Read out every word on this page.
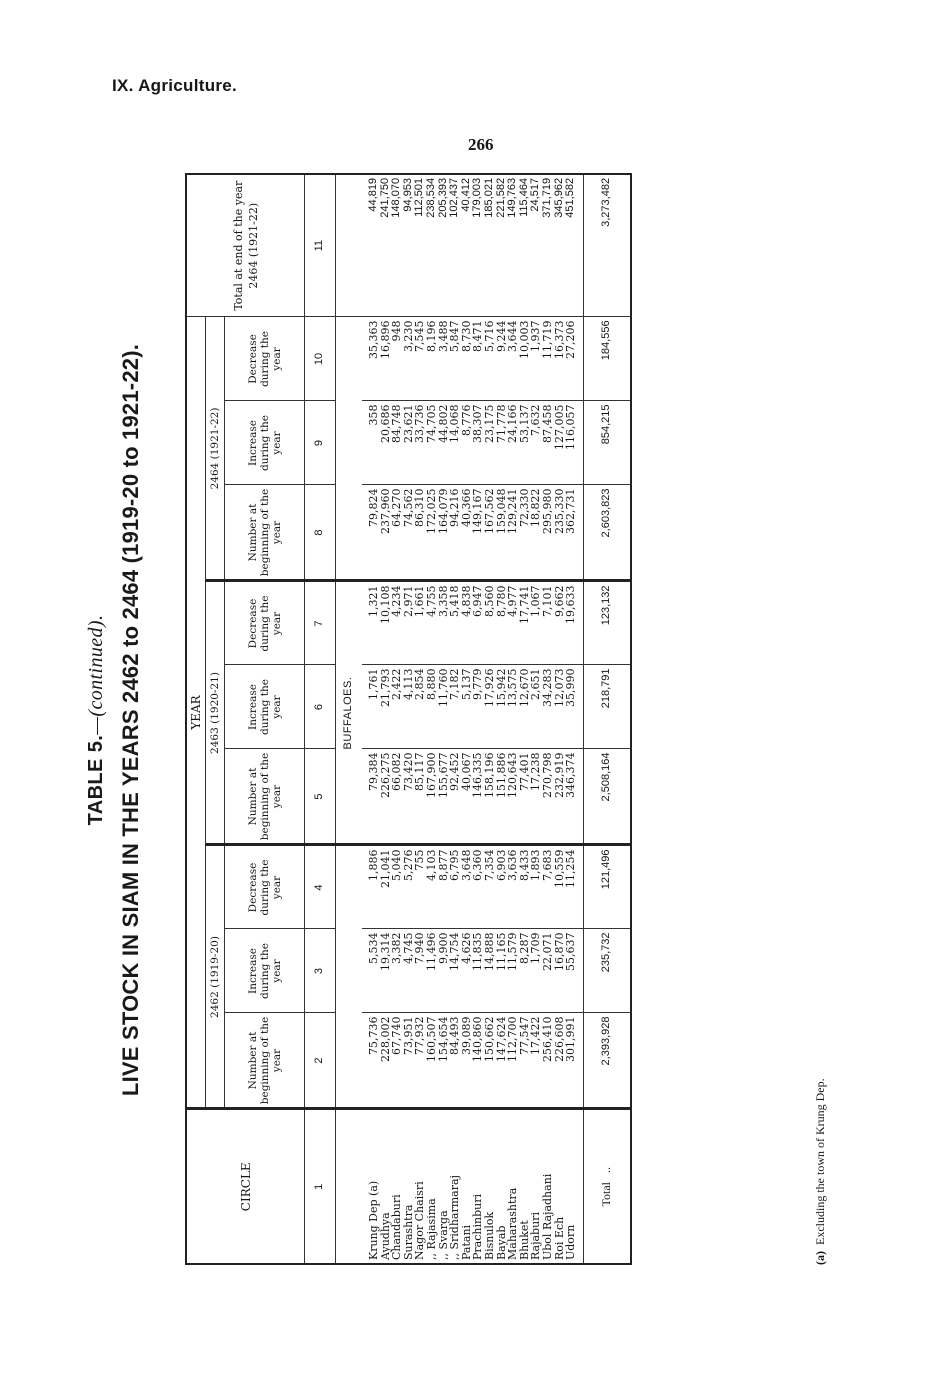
IX. Agriculture.
266
TABLE 5.—(continued). LIVE STOCK IN SIAM IN THE YEARS 2462 to 2464 (1919-20 to 1921-22).
CIRCLE	YEAR									Total at end of the year 2464 (1921-22)
	2462 (1919-20)			2463 (1920-21)			2464 (1921-22)			
	Number at beginning of the year	Increase during the year	Decrease during the year	Number at beginning of the year	Increase during the year	Decrease during the year	Number at beginning of the year	Increase during the year	Decrease during the year	
1	2	3	4	5	6	7	8	9	10	11
				BUFFALOES.						

Krung Dep (a)	75,736	5,534	1,886	79,384	1,761	1,321	79,824	358	35,363	44,819
Ayudhya	228,002	19,314	21,041	226,275	21,793	10,108	237,960	20,686	16,896	241,750
Chandaburi	67,740	3,382	5,040	66,082	2,422	4,234	64,270	84,748	948	148,070
Surashtra	73,951	4,745	5,276	73,420	4,113	2,971	74,562	23,621	3,230	94,953
Nagor Chaisri	77,932	7,940	755	85,117	2,854	1,661	86,310	33,736	7,545	112,501
,, Rajasima	160,507	11,496	4,103	167,900	8,880	4,755	172,025	74,705	8,196	238,534
,, Svarga	154,654	9,900	8,877	155,677	11,760	3,358	164,079	44,802	3,488	205,393
,, Sridharmaraj	84,493	14,754	6,795	92,452	7,182	5,418	94,216	14,068	5,847	102,437
Patani	39,089	4,626	3,648	40,067	5,137	4,838	40,366	8,776	8,730	40,412
Prachinburi	140,860	11,835	6,360	146,335	9,779	6,947	149,167	38,307	8,471	179,003
Bisnulok	150,662	14,888	7,354	158,196	17,926	8,560	167,562	23,175	5,716	185,021
Bayab	147,624	11,165	6,903	151,886	15,942	8,780	159,048	71,778	9,244	221,582
Maharashtra	112,700	11,579	3,636	120,643	13,575	4,977	129,241	24,166	3,644	149,763
Bhuket	77,547	8,287	8,433	77,401	12,670	17,741	72,330	53,137	10,003	115,464
Rajaburi	17,422	1,709	1,893	17,238	2,651	1,067	18,822	7,632	1,937	24,517
Ubol Rajadhani	256,410	22,071	7,683	270,798	34,283	7,101	295,980	87,458	11,719	371,719
Roi Ech	226,608	16,870	10,559	232,919	12,073	9,662	235,330	127,005	16,373	345,962
Udorn	301,991	55,637	11,254	346,374	35,990	19,633	362,731	116,057	27,206	451,582

Total   ..	2,393,928	235,732	121,496	2,508,164	218,791	123,132	2,603,823	854,215	184,556	3,273,482
(a)  Excluding the town of Krung Dep.
